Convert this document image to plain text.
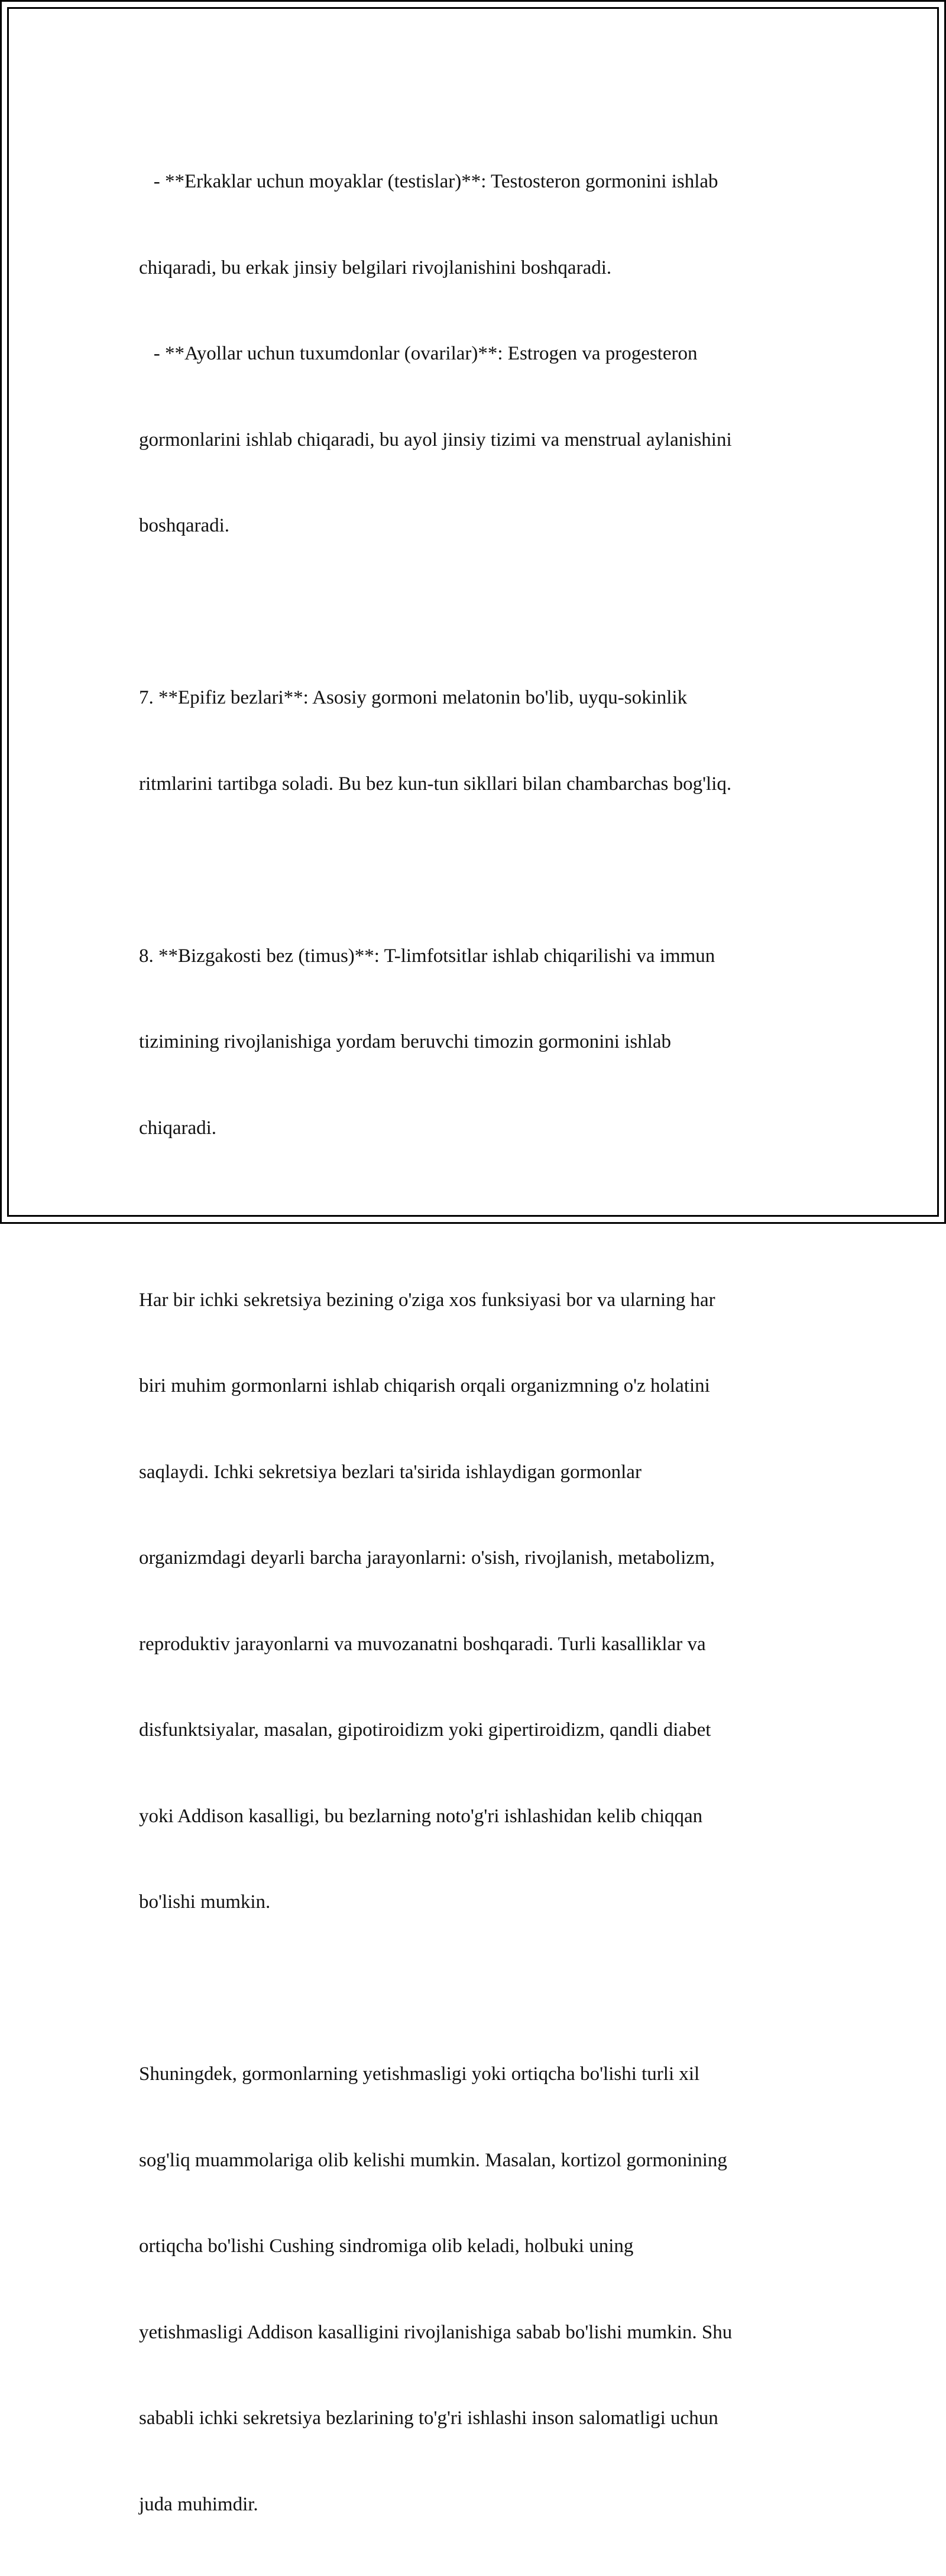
- **Erkaklar uchun moyaklar (testislar)**: Testosteron gormonini ishlab

chiqaradi, bu erkak jinsiy belgilari rivojlanishini boshqaradi.

- **Ayollar uchun tuxumdonlar (ovarilar)**: Estrogen va progesteron

gormonlarini ishlab chiqaradi, bu ayol jinsiy tizimi va menstrual aylanishini

boshqaradi.

7. **Epifiz bezlari**: Asosiy gormoni melatonin bo'lib, uyqu-sokinlik

ritmlarini tartibga soladi. Bu bez kun-tun sikllari bilan chambarchas bog'liq.

8. **Bizgakosti bez (timus)**: T-limfotsitlar ishlab chiqarilishi va immun

tizimining rivojlanishiga yordam beruvchi timozin gormonini ishlab

chiqaradi.

Har bir ichki sekretsiya bezining o'ziga xos funksiyasi bor va ularning har

biri muhim gormonlarni ishlab chiqarish orqali organizmning o'z holatini

saqlaydi. Ichki sekretsiya bezlari ta'sirida ishlaydigan gormonlar

organizmdagi deyarli barcha jarayonlarni: o'sish, rivojlanish, metabolizm,

reproduktiv jarayonlarni va muvozanatni boshqaradi. Turli kasalliklar va

disfunktsiyalar, masalan, gipotiroidizm yoki gipertiroidizm, qandli diabet

yoki Addison kasalligi, bu bezlarning noto'g'ri ishlashidan kelib chiqqan

bo'lishi mumkin.

Shuningdek, gormonlarning yetishmasligi yoki ortiqcha bo'lishi turli xil

sog'liq muammolariga olib kelishi mumkin. Masalan, kortizol gormonining

ortiqcha bo'lishi Cushing sindromiga olib keladi, holbuki uning

yetishmasligi Addison kasalligini rivojlanishiga sabab bo'lishi mumkin. Shu

sababli ichki sekretsiya bezlarining to'g'ri ishlashi inson salomatligi uchun

juda muhimdir.
